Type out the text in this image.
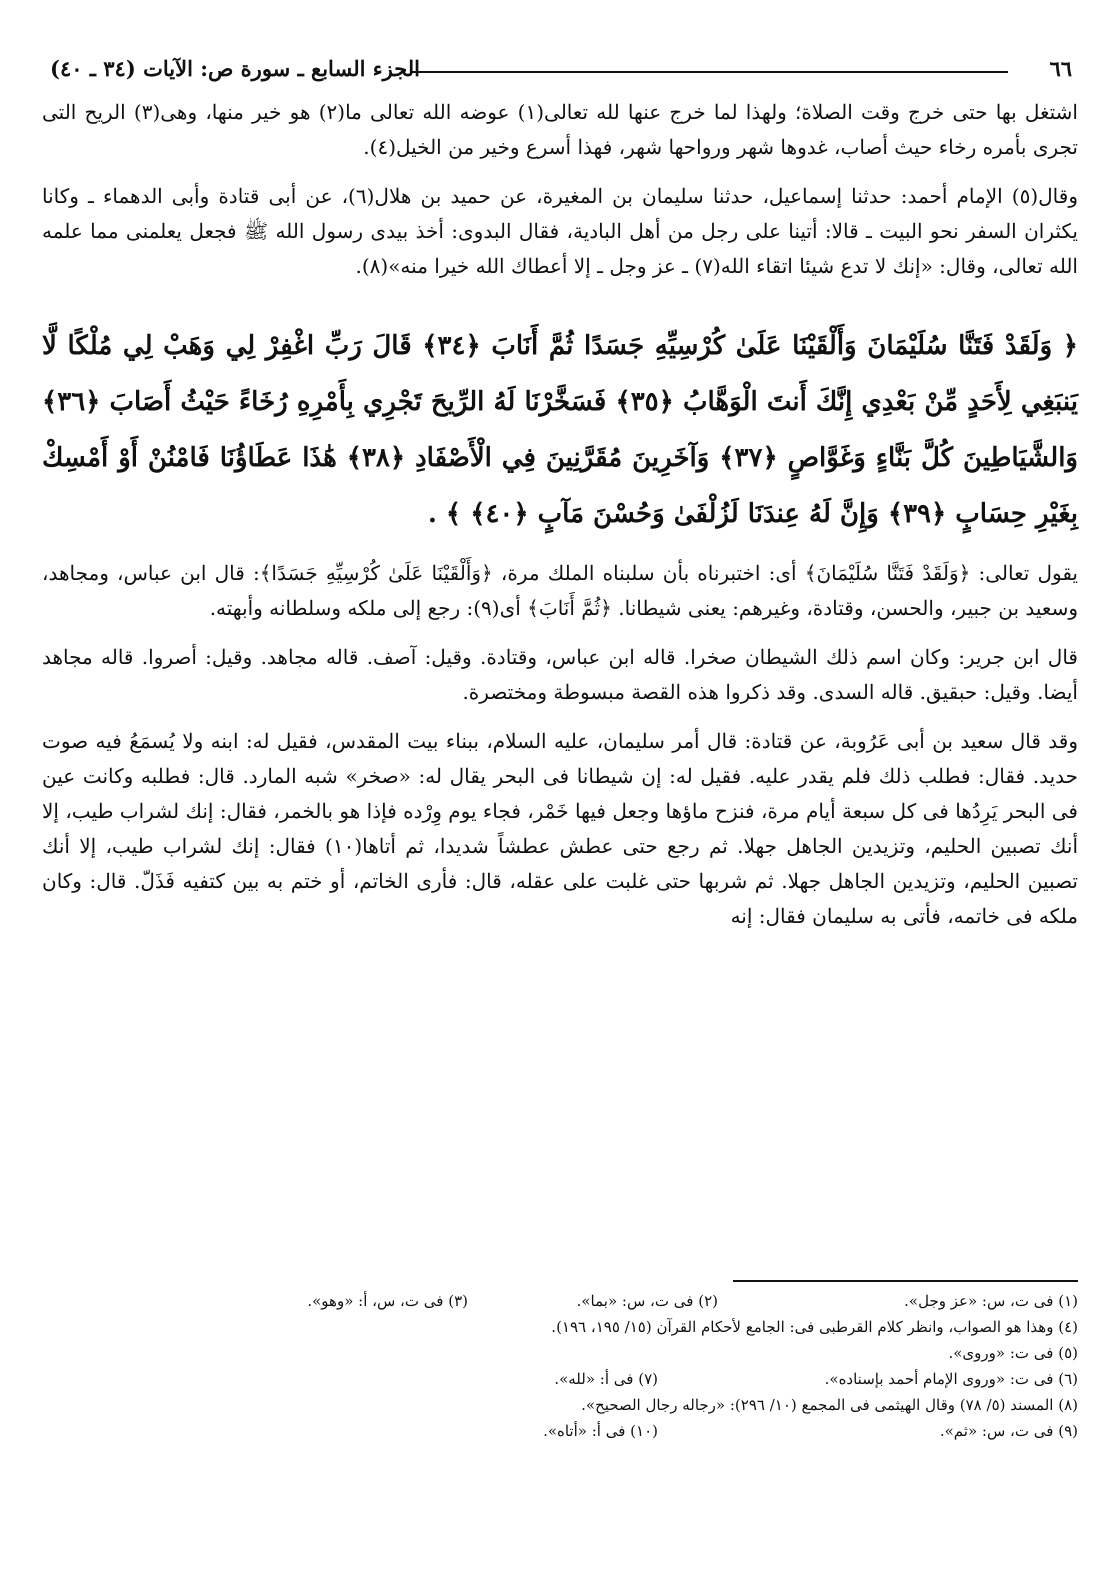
٦٦
الجزء السابع ـ سورة ص: الآيات (٣٤ ـ ٤٠)

اشتغل بها حتى خرج وقت الصلاة؛ ولهذا لما خرج عنها لله تعالى(١) عوضه الله تعالى ما(٢) هو خير منها، وهى(٣) الريح التى تجرى بأمره رخاء حيث أصاب، غدوها شهر ورواحها شهر، فهذا أسرع وخير من الخيل(٤).

وقال(٥) الإمام أحمد: حدثنا إسماعيل، حدثنا سليمان بن المغيرة، عن حميد بن هلال(٦)، عن أبى قتادة وأبى الدهماء ـ وكانا يكثران السفر نحو البيت ـ قالا: أتينا على رجل من أهل البادية، فقال البدوى: أخذ بيدى رسول الله ﷺ فجعل يعلمنى مما علمه الله تعالى، وقال: «إنك لا تدع شيئا اتقاء الله(٧) ـ عز وجل ـ إلا أعطاك الله خيرا منه»(٨).

﴿ وَلَقَدْ فَتَنَّا سُلَيْمَانَ وَأَلْقَيْنَا عَلَىٰ كُرْسِيِّهِ جَسَدًا ثُمَّ أَنَابَ ﴿٣٤﴾ قَالَ رَبِّ اغْفِرْ لِي وَهَبْ لِي مُلْكًا لَّا يَنبَغِي لِأَحَدٍ مِّنْ بَعْدِي إِنَّكَ أَنتَ الْوَهَّابُ ﴿٣٥﴾ فَسَخَّرْنَا لَهُ الرِّيحَ تَجْرِي بِأَمْرِهِ رُخَاءً حَيْثُ أَصَابَ ﴿٣٦﴾ وَالشَّيَاطِينَ كُلَّ بَنَّاءٍ وَغَوَّاصٍ ﴿٣٧﴾ وَآخَرِينَ مُقَرَّنِينَ فِي الْأَصْفَادِ ﴿٣٨﴾ هَٰذَا عَطَاؤُنَا فَامْنُنْ أَوْ أَمْسِكْ بِغَيْرِ حِسَابٍ ﴿٣٩﴾ وَإِنَّ لَهُ عِندَنَا لَزُلْفَىٰ وَحُسْنَ مَآبٍ ﴿٤٠﴾ ﴾ .

يقول تعالى: ﴿وَلَقَدْ فَتَنَّا سُلَيْمَانَ﴾ أى: اختبرناه بأن سلبناه الملك مرة، ﴿وَأَلْقَيْنَا عَلَىٰ كُرْسِيِّهِ جَسَدًا﴾: قال ابن عباس، ومجاهد، وسعيد بن جبير، والحسن، وقتادة، وغيرهم: يعنى شيطانا. ﴿ثُمَّ أَنَابَ﴾ أى(٩): رجع إلى ملكه وسلطانه وأبهته.

قال ابن جرير: وكان اسم ذلك الشيطان صخرا. قاله ابن عباس، وقتادة. وقيل: آصف. قاله مجاهد. وقيل: أصروا. قاله مجاهد أيضا. وقيل: حبقيق. قاله السدى. وقد ذكروا هذه القصة مبسوطة ومختصرة.

وقد قال سعيد بن أبى عَرُوبة، عن قتادة: قال أمر سليمان، عليه السلام، ببناء بيت المقدس، فقيل له: ابنه ولا يُسمَعُ فيه صوت حديد. فقال: فطلب ذلك فلم يقدر عليه. فقيل له: إن شيطانا فى البحر يقال له: «صخر» شبه المارد. قال: فطلبه وكانت عين فى البحر يَرِدُها فى كل سبعة أيام مرة، فنزح ماؤها وجعل فيها خَمْر، فجاء يوم وِرْده فإذا هو بالخمر، فقال: إنك لشراب طيب، إلا أنك تصبين الحليم، وتزيدين الجاهل جهلا. ثم رجع حتى عطش عطشاً شديدا، ثم أتاها(١٠) فقال: إنك لشراب طيب، إلا أنك تصبين الحليم، وتزيدين الجاهل جهلا. ثم شربها حتى غلبت على عقله، قال: فأرى الخاتم، أو ختم به بين كتفيه فَذَلّ. قال: وكان ملكه فى خاتمه، فأتى به سليمان فقال: إنه

(١) فى ت، س: «عز وجل».
(٢) فى ت، س: «بما».
(٣) فى ت، س، أ: «وهو».
(٤) وهذا هو الصواب، وانظر كلام القرطبى فى: الجامع لأحكام القرآن (١٥/ ١٩٥، ١٩٦).
(٥) فى ت: «وروى».
(٦) فى ت: «وروى الإمام أحمد بإسناده».
(٧) فى أ: «لله».
(٨) المسند (٥/ ٧٨) وقال الهيثمى فى المجمع (١٠/ ٢٩٦): «رجاله رجال الصحيح».
(٩) فى ت، س: «ثم».
(١٠) فى أ: «أتاه».
